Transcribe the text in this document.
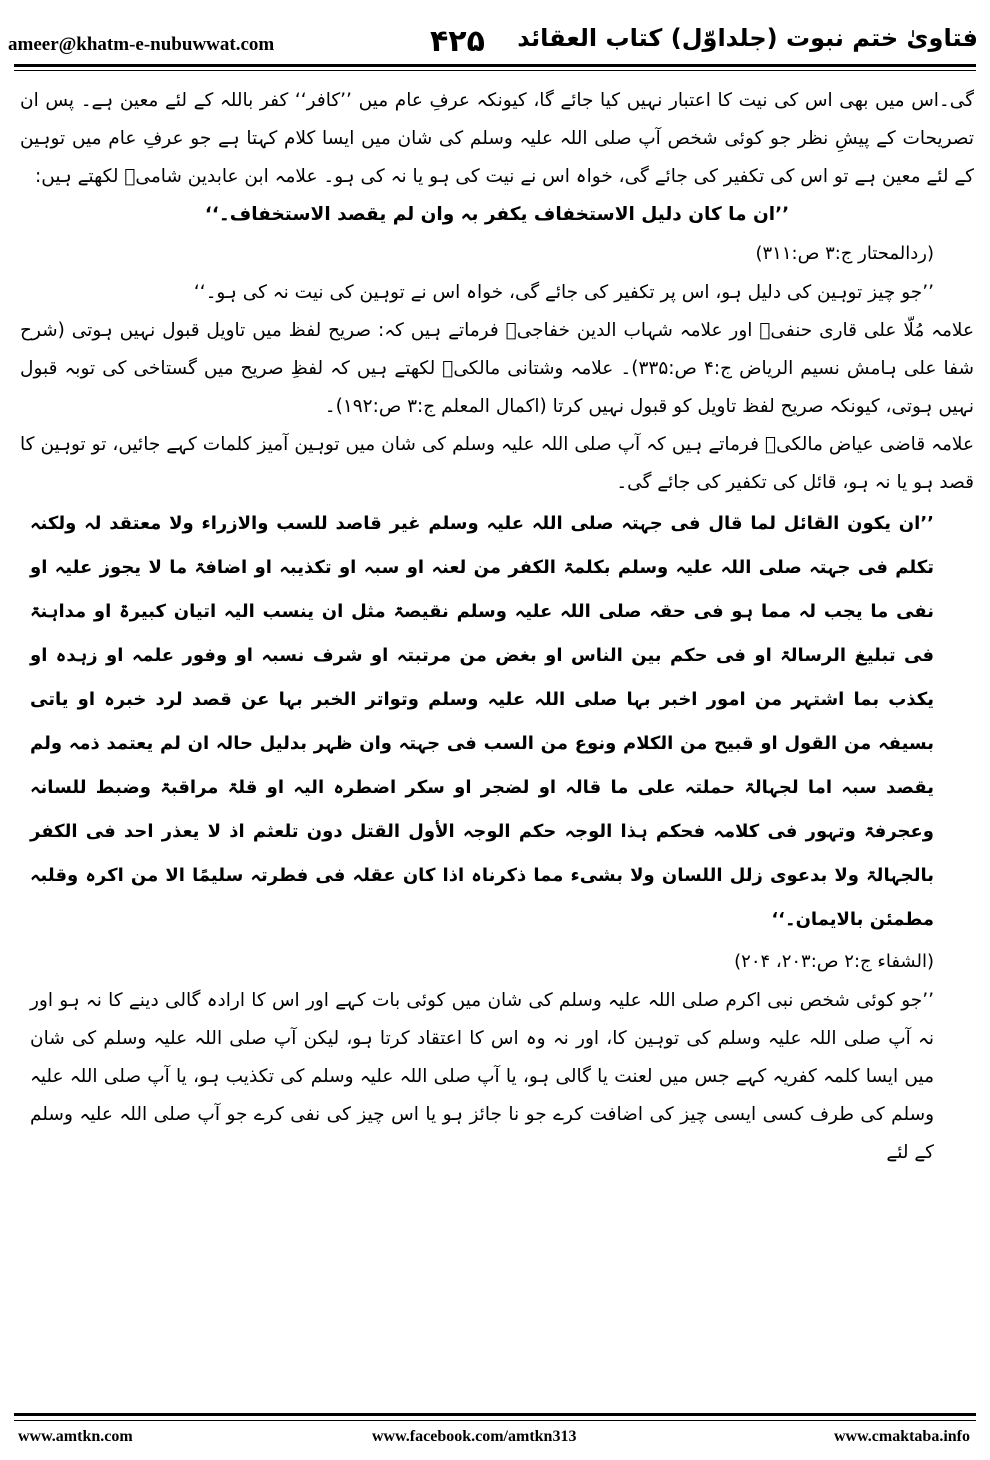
ameer@khatm-e-nubuwwat.com	۴۲۵ فتاویٰ ختم نبوت (جلداوّل) کتاب العقائد

گی۔اس میں بھی اس کی نیت کا اعتبار نہیں کیا جائے گا، کیونکہ عرفِ عام میں ’’کافر‘‘ کفر باللہ کے لئے معین ہے۔ پس ان تصریحات کے پیشِ نظر جو کوئی شخص آپ صلی اللہ علیہ وسلم کی شان میں ایسا کلام کہتا ہے جو عرفِ عام میں توہین کے لئے معین ہے تو اس کی تکفیر کی جائے گی، خواہ اس نے نیت کی ہو یا نہ کی ہو۔ علامہ ابن عابدین شامیؒ لکھتے ہیں:

’’ان ما کان دلیل الاستخفاف یکفر بہ وان لم یقصد الاستخفاف۔‘‘

(ردالمحتار ج:۳ ص:۳۱۱)

’’جو چیز توہین کی دلیل ہو، اس پر تکفیر کی جائے گی، خواہ اس نے توہین کی نیت نہ کی ہو۔‘‘

علامہ مُلّا علی قاری حنفیؒ اور علامہ شہاب الدین خفاجیؒ فرماتے ہیں کہ: صریح لفظ میں تاویل قبول نہیں ہوتی (شرح شفا علی ہامش نسیم الریاض ج:۴ ص:۳۳۵)۔ علامہ وشتانی مالکیؒ لکھتے ہیں کہ لفظِ صریح میں گستاخی کی توبہ قبول نہیں ہوتی، کیونکہ صریح لفظ تاویل کو قبول نہیں کرتا (اکمال المعلم ج:۳ ص:۱۹۲)۔

علامہ قاضی عیاض مالکیؒ فرماتے ہیں کہ آپ صلی اللہ علیہ وسلم کی شان میں توہین آمیز کلمات کہے جائیں، تو توہین کا قصد ہو یا نہ ہو، قائل کی تکفیر کی جائے گی۔

’’ان یکون القائل لما قال فی جہتہ صلی اللہ علیہ وسلم غیر قاصد للسب والازراء ولا معتقد لہ ولکنہ تکلم فی جہتہ صلی اللہ علیہ وسلم بکلمۃ الکفر من لعنہ او سبہ او تکذیبہ او اضافۃ ما لا یجوز علیہ او نفی ما یجب لہ مما ہو فی حقہ صلی اللہ علیہ وسلم نقیصۃ مثل ان ینسب الیہ اتیان کبیرۃ او مداہنۃ فی تبلیغ الرسالۃ او فی حکم بین الناس او بغض من مرتبتہ او شرف نسبہ او وفور علمہ او زہدہ او یکذب بما اشتہر من امور اخبر بہا صلی اللہ علیہ وسلم وتواتر الخبر بہا عن قصد لرد خبرہ او یاتی بسیفہ من القول او قبیح من الکلام ونوع من السب فی جہتہ وان ظہر بدلیل حالہ ان لم یعتمد ذمہ ولم یقصد سبہ اما لجہالۃ حملتہ علی ما قالہ او لضجر او سکر اضطرہ الیہ او قلۃ مراقبۃ وضبط للسانہ وعجرفۃ وتہور فی کلامہ فحکم ہذا الوجہ حکم الوجہ الأول القتل دون تلعثم اذ لا یعذر احد فی الکفر بالجہالۃ ولا بدعوی زلل اللسان ولا بشیء مما ذکرناہ اذا کان عقلہ فی فطرتہ سلیمًا الا من اکرہ وقلبہ مطمئن بالایمان۔‘‘

(الشفاء ج:۲ ص:۲۰۳، ۲۰۴)

’’جو کوئی شخص نبی اکرم صلی اللہ علیہ وسلم کی شان میں کوئی بات کہے اور اس کا ارادہ گالی دینے کا نہ ہو اور نہ آپ صلی اللہ علیہ وسلم کی توہین کا، اور نہ وہ اس کا اعتقاد کرتا ہو، لیکن آپ صلی اللہ علیہ وسلم کی شان میں ایسا کلمہ کفریہ کہے جس میں لعنت یا گالی ہو، یا آپ صلی اللہ علیہ وسلم کی تکذیب ہو، یا آپ صلی اللہ علیہ وسلم کی طرف کسی ایسی چیز کی اضافت کرے جو نا جائز ہو یا اس چیز کی نفی کرے جو آپ صلی اللہ علیہ وسلم کے لئے

www.amtkn.com	www.facebook.com/amtkn313	www.cmaktaba.info
